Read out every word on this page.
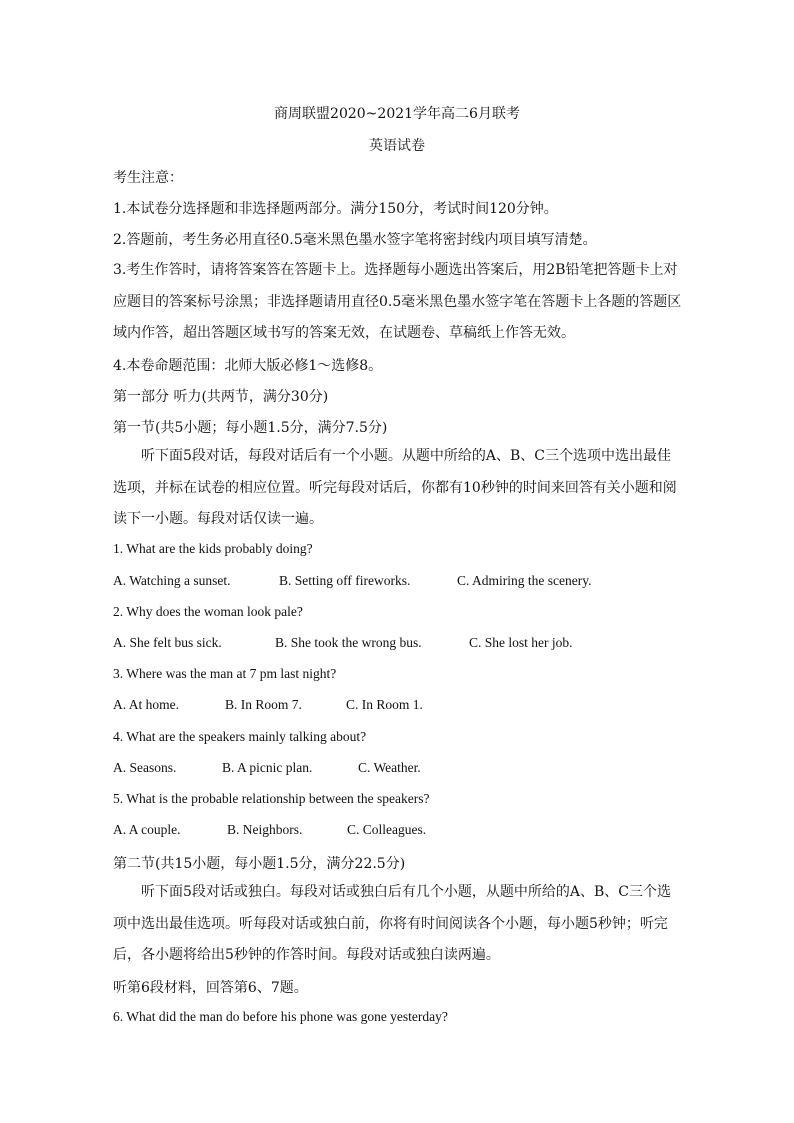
商周联盟2020~2021学年高二6月联考
英语试卷
考生注意：
1.本试卷分选择题和非选择题两部分。满分150分，考试时间120分钟。
2.答题前，考生务必用直径0.5毫米黑色墨水签字笔将密封线内项目填写清楚。
3.考生作答时，请将答案答在答题卡上。选择题每小题选出答案后，用2B铅笔把答题卡上对应题目的答案标号涂黑；非选择题请用直径0.5毫米黑色墨水签字笔在答题卡上各题的答题区域内作答，超出答题区域书写的答案无效，在试题卷、草稿纸上作答无效。
4.本卷命题范围：北师大版必修1～选修8。
第一部分 听力(共两节，满分30分)
第一节(共5小题；每小题1.5分，满分7.5分)
听下面5段对话，每段对话后有一个小题。从题中所给的A、B、C三个选项中选出最佳选项，并标在试卷的相应位置。听完每段对话后，你都有10秒钟的时间来回答有关小题和阅读下一小题。每段对话仅读一遍。
1. What are the kids probably doing?
A. Watching a sunset.	B. Setting off fireworks.	C. Admiring the scenery.
2. Why does the woman look pale?
A. She felt bus sick.	B. She took the wrong bus.	C. She lost her job.
3. Where was the man at 7 pm last night?
A. At home.	B. In Room 7.	C. In Room 1.
4. What are the speakers mainly talking about?
A. Seasons.	B. A picnic plan.	C. Weather.
5. What is the probable relationship between the speakers?
A. A couple.	B. Neighbors.	C. Colleagues.
第二节(共15小题，每小题1.5分，满分22.5分)
听下面5段对话或独白。每段对话或独白后有几个小题，从题中所给的A、B、C三个选项中选出最佳选项。听每段对话或独白前，你将有时间阅读各个小题，每小题5秒钟；听完后，各小题将给出5秒钟的作答时间。每段对话或独白读两遍。
听第6段材料，回答第6、7题。
6. What did the man do before his phone was gone yesterday?
